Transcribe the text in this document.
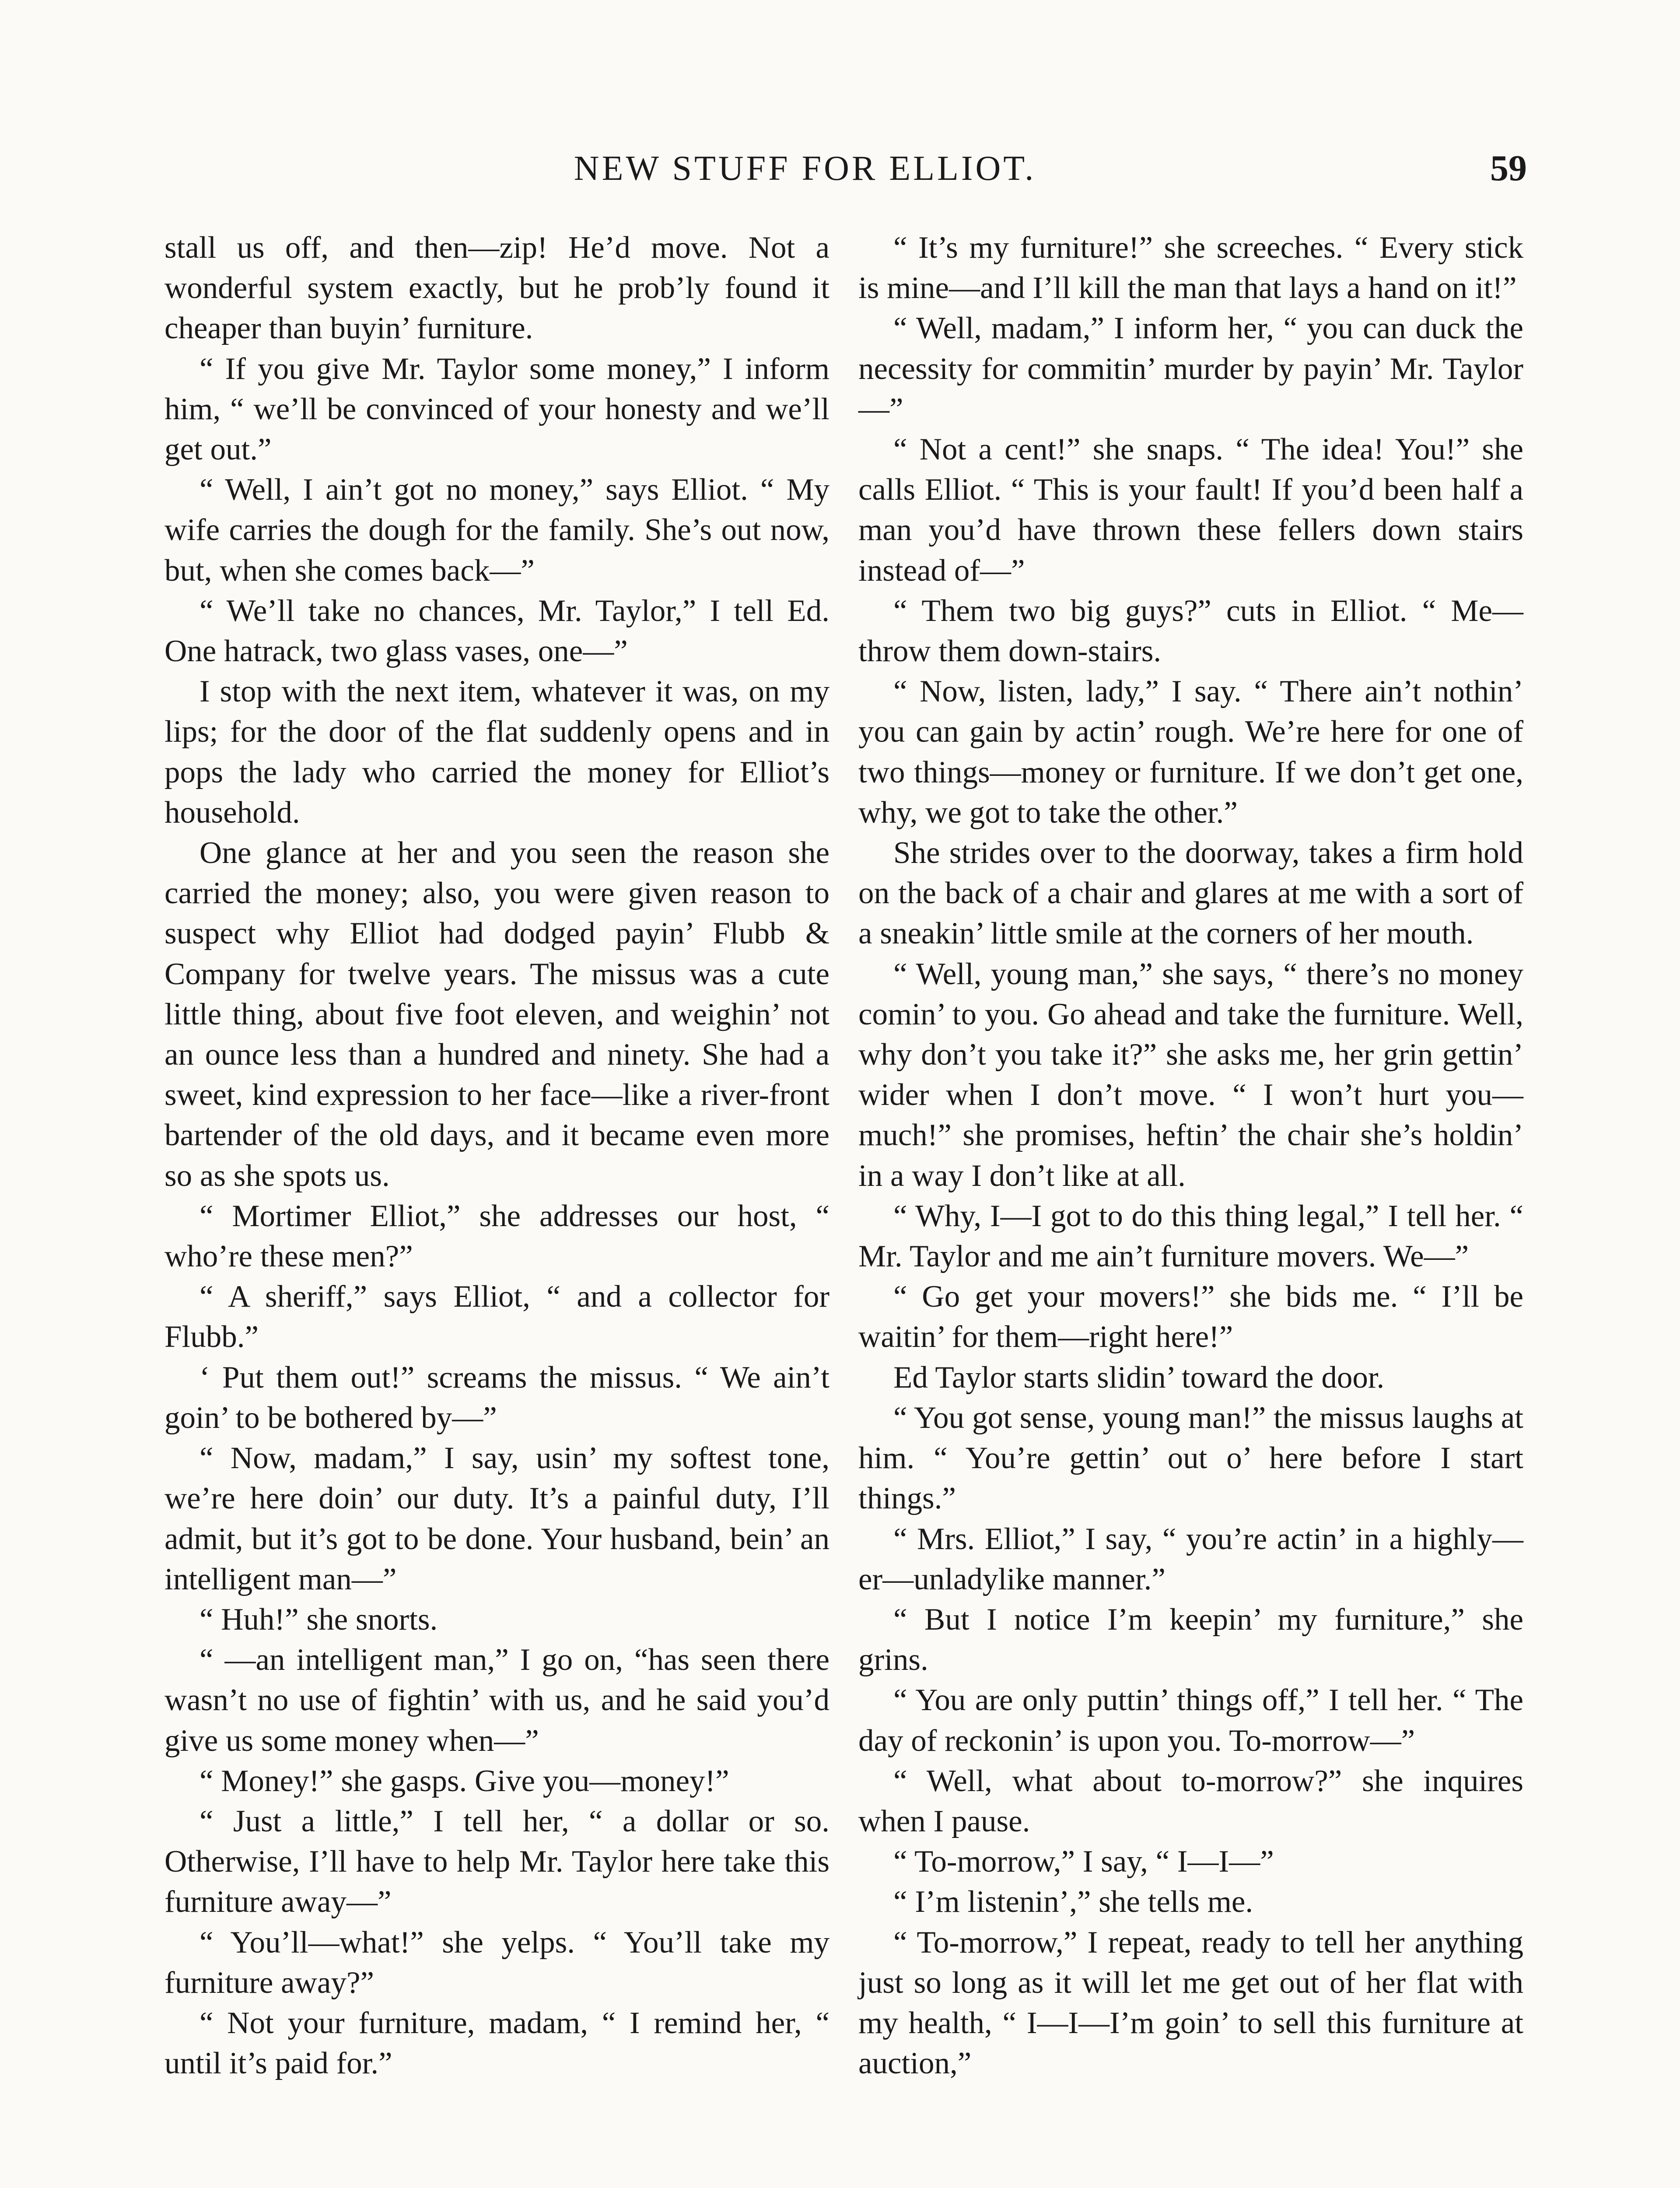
NEW STUFF FOR ELLIOT.	59

stall us off, and then—zip! He’d move. Not a wonderful system exactly, but he prob’ly found it cheaper than buyin’ furniture.

“ If you give Mr. Taylor some money,” I inform him, “ we’ll be convinced of your honesty and we’ll get out.”

“ Well, I ain’t got no money,” says Elliot. “ My wife carries the dough for the family. She’s out now, but, when she comes back—”

“ We’ll take no chances, Mr. Taylor,” I tell Ed. One hatrack, two glass vases, one—”

I stop with the next item, whatever it was, on my lips; for the door of the flat suddenly opens and in pops the lady who carried the money for Elliot’s household.

One glance at her and you seen the reason she carried the money; also, you were given reason to suspect why Elliot had dodged payin’ Flubb & Company for twelve years. The missus was a cute little thing, about five foot eleven, and weighin’ not an ounce less than a hundred and ninety. She had a sweet, kind expression to her face—like a river-front bartender of the old days, and it became even more so as she spots us.

“ Mortimer Elliot,” she addresses our host, “ who’re these men?”

“ A sheriff,” says Elliot, “ and a collector for Flubb.”

‘ Put them out!” screams the missus. “ We ain’t goin’ to be bothered by—”

“ Now, madam,” I say, usin’ my softest tone, we’re here doin’ our duty. It’s a painful duty, I’ll admit, but it’s got to be done. Your husband, bein’ an intelligent man—”

“ Huh!” she snorts.

“ —an intelligent man,” I go on, “has seen there wasn’t no use of fightin’ with us, and he said you’d give us some money when—”

“ Money!” she gasps. Give you—money!”

“ Just a little,” I tell her, “ a dollar or so. Otherwise, I’ll have to help Mr. Taylor here take this furniture away—”

“ You’ll—what!” she yelps. “ You’ll take my furniture away?”

“ Not your furniture, madam, “ I remind her, “ until it’s paid for.”

“ It’s my furniture!” she screeches. “ Every stick is mine—and I’ll kill the man that lays a hand on it!”

“ Well, madam,” I inform her, “ you can duck the necessity for commitin’ murder by payin’ Mr. Taylor—”

“ Not a cent!” she snaps. “ The idea! You!” she calls Elliot. “ This is your fault! If you’d been half a man you’d have thrown these fellers down stairs instead of—”

“ Them two big guys?” cuts in Elliot. “ Me—throw them down-stairs.

“ Now, listen, lady,” I say. “ There ain’t nothin’ you can gain by actin’ rough. We’re here for one of two things—money or furniture. If we don’t get one, why, we got to take the other.”

She strides over to the doorway, takes a firm hold on the back of a chair and glares at me with a sort of a sneakin’ little smile at the corners of her mouth.

“ Well, young man,” she says, “ there’s no money comin’ to you. Go ahead and take the furniture. Well, why don’t you take it?” she asks me, her grin gettin’ wider when I don’t move. “ I won’t hurt you—much!” she promises, heftin’ the chair she’s holdin’ in a way I don’t like at all.

“ Why, I—I got to do this thing legal,” I tell her. “ Mr. Taylor and me ain’t furniture movers. We—”

“ Go get your movers!” she bids me. “ I’ll be waitin’ for them—right here!”

Ed Taylor starts slidin’ toward the door.

“ You got sense, young man!” the missus laughs at him. “ You’re gettin’ out o’ here before I start things.”

“ Mrs. Elliot,” I say, “ you’re actin’ in a highly—er—unladylike manner.”

“ But I notice I’m keepin’ my furniture,” she grins.

“ You are only puttin’ things off,” I tell her. “ The day of reckonin’ is upon you. To-morrow—”

“ Well, what about to-morrow?” she inquires when I pause.

“ To-morrow,” I say, “ I—I—”

“ I’m listenin’,” she tells me.

“ To-morrow,” I repeat, ready to tell her anything just so long as it will let me get out of her flat with my health, “ I—I—I’m goin’ to sell this furniture at auction,”
